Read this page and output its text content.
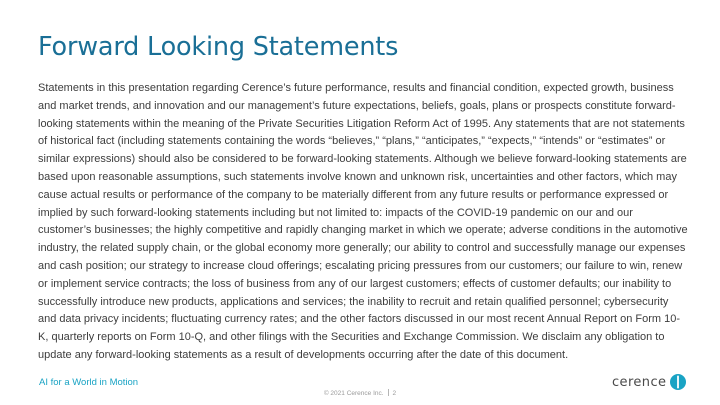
Forward Looking Statements

Statements in this presentation regarding Cerence’s future performance, results and financial condition, expected growth, business and market trends, and innovation and our management’s future expectations, beliefs, goals, plans or prospects constitute forward-looking statements within the meaning of the Private Securities Litigation Reform Act of 1995. Any statements that are not statements of historical fact (including statements containing the words “believes,” “plans,” “anticipates,” “expects,” “intends” or “estimates” or similar expressions) should also be considered to be forward-looking statements. Although we believe forward-looking statements are based upon reasonable assumptions, such statements involve known and unknown risk, uncertainties and other factors, which may cause actual results or performance of the company to be materially different from any future results or performance expressed or implied by such forward-looking statements including but not limited to: impacts of the COVID-19 pandemic on our and our customer’s businesses; the highly competitive and rapidly changing market in which we operate; adverse conditions in the automotive industry, the related supply chain, or the global economy more generally; our ability to control and successfully manage our expenses and cash position; our strategy to increase cloud offerings; escalating pricing pressures from our customers; our failure to win, renew or implement service contracts; the loss of business from any of our largest customers; effects of customer defaults; our inability to successfully introduce new products, applications and services; the inability to recruit and retain qualified personnel; cybersecurity and data privacy incidents; fluctuating currency rates; and the other factors discussed in our most recent Annual Report on Form 10-K, quarterly reports on Form 10-Q, and other filings with the Securities and Exchange Commission. We disclaim any obligation to update any forward-looking statements as a result of developments occurring after the date of this document.

AI for a World in Motion
© 2021 Cerence Inc. 2
cerence
